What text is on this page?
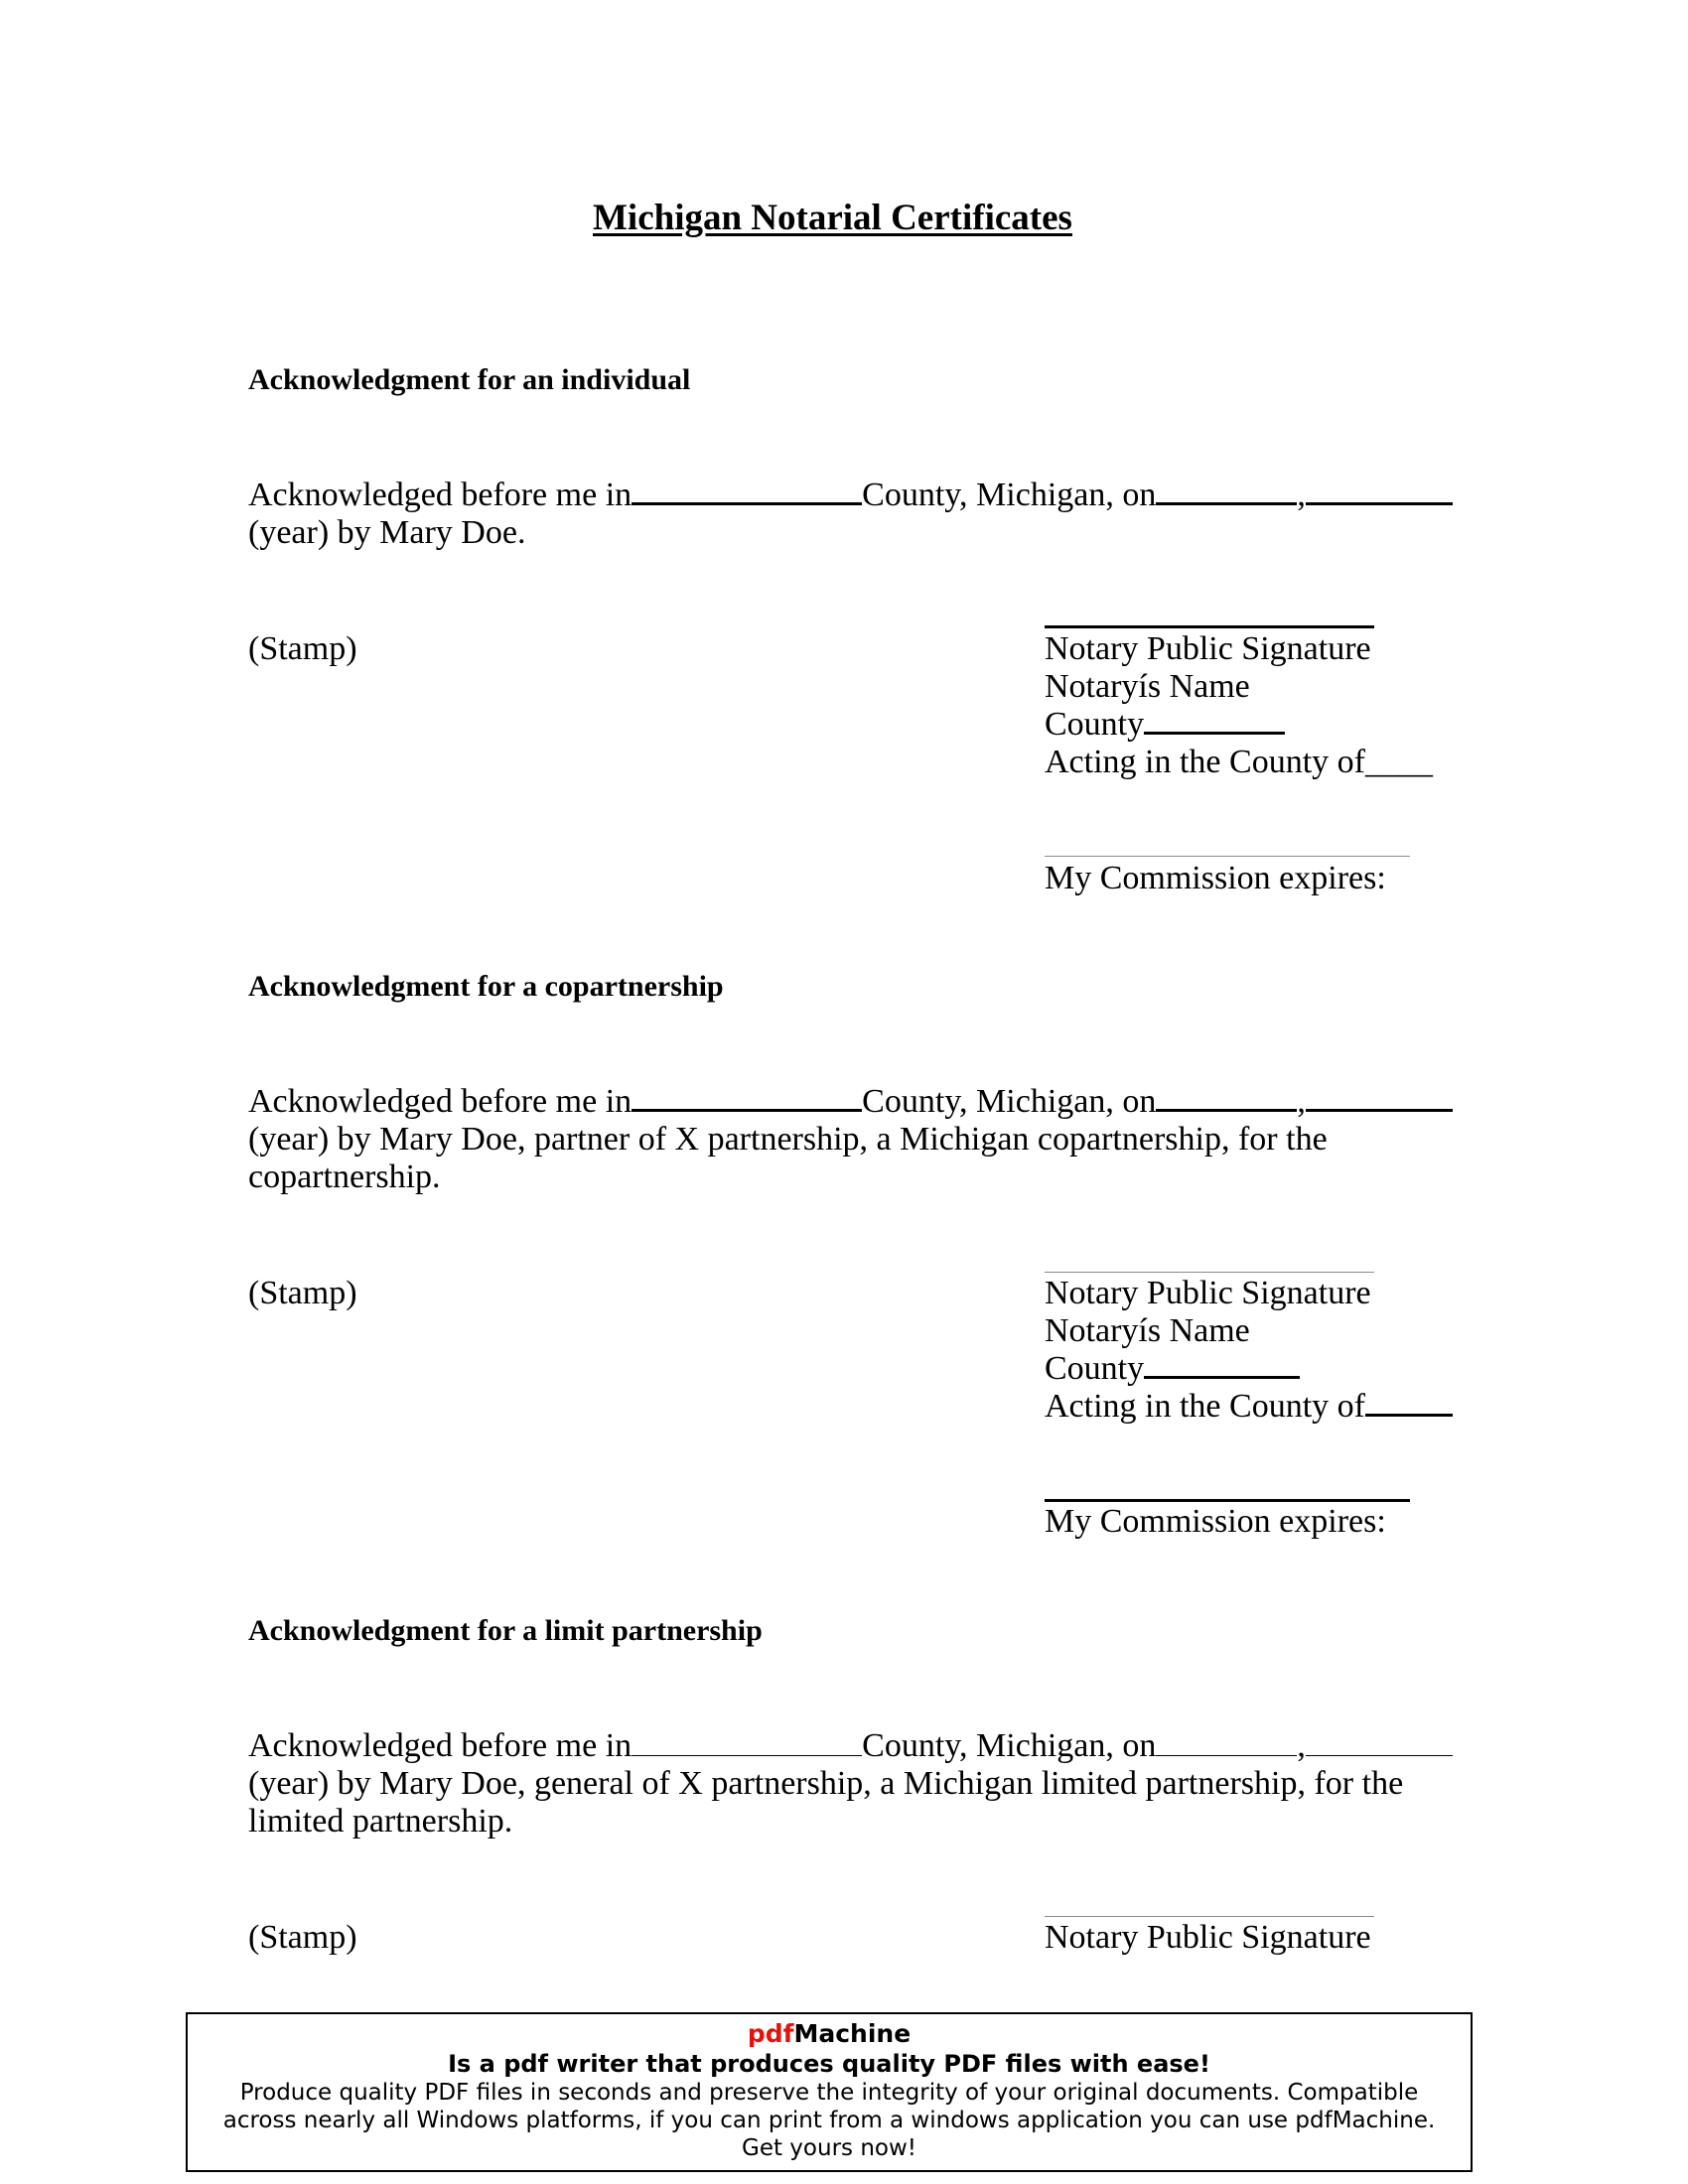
Michigan Notarial Certificates
Acknowledgment for an individual
Acknowledged before me in	County, Michigan, on	,
(year) by Mary Doe.
(Stamp)	Notary Public Signature
Notaryís Name
County
Acting in the County of____
My Commission expires:
Acknowledgment for a copartnership
Acknowledged before me in	County, Michigan, on	,
(year) by Mary Doe, partner of X partnership, a Michigan copartnership, for the
copartnership.
(Stamp)	Notary Public Signature
Notaryís Name
County
Acting in the County of
My Commission expires:
Acknowledgment for a limit partnership
Acknowledged before me in	County, Michigan, on	,
(year) by Mary Doe, general of X partnership, a Michigan limited partnership, for the
limited partnership.
(Stamp)	Notary Public Signature
pdfMachine
Is a pdf writer that produces quality PDF files with ease!
Produce quality PDF files in seconds and preserve the integrity of your original documents. Compatible
across nearly all Windows platforms, if you can print from a windows application you can use pdfMachine.
Get yours now!
